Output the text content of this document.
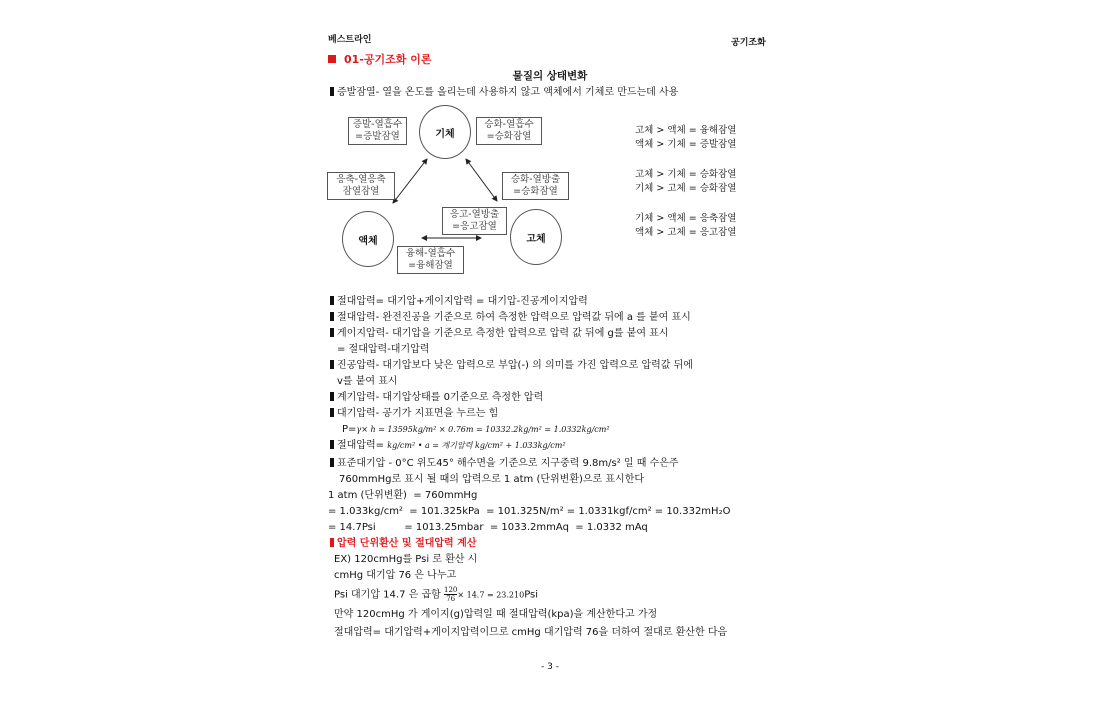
베스트라인	공기조화
01-공기조화 이론
물질의 상태변화
증발잠열- 열을 온도를 올리는데 사용하지 않고 액체에서 기체로 만드는데 사용
기체
액체	고체
증발-열흡수
=증발잠열
승화-열흡수
=승화잠열
응축-열응축
잠열잠열
승화-열방출
=승화잠열
응고-열방출
=응고잠열
융해-열흡수
=융해잠열
고체 > 액체 = 융해잠열
액체 > 기체 = 증발잠열
고체 > 기체 = 승화잠열
기체 > 고체 = 승화잠열
기체 > 액체 = 응축잠열
액체 > 고체 = 응고잠열
절대압력= 대기압+게이지압력 = 대기압-진공게이지압력
절대압력- 완전진공을 기준으로 하여 측정한 압력으로 압력값 뒤에 a 를 붙여 표시
게이지압력- 대기압을 기준으로 측정한 압력으로 압력 값 뒤에 g를 붙여 표시
= 절대압력-대기압력
진공압력- 대기압보다 낮은 압력으로 부압(-) 의 의미를 가진 압력으로 압력값 뒤에
v를 붙여 표시
계기압력- 대기압상태를 0기준으로 측정한 압력
대기압력- 공기가 지표면을 누르는 힘
P=γ× h = 13595kg/m² × 0.76m = 10332.2kg/m² = 1.0332kg/cm²
절대압력= kg/cm² • a = 계기압력 kg/cm² + 1.033kg/cm²
표준대기압 - 0°C 위도45° 해수면을 기준으로 지구중력 9.8m/s² 일 때 수은주
760mmHg로 표시 될 때의 압력으로 1 atm (단위변환)으로 표시한다
1 atm (단위변환)  = 760mmHg
= 1.033kg/cm²  = 101.325kPa  = 101.325N/m² = 1.0331kgf/cm² = 10.332mH₂O
= 14.7Psi         = 1013.25mbar  = 1033.2mmAq  = 1.0332 mAq
압력 단위환산 및 절대압력 계산
EX) 120cmHg를 Psi 로 환산 시
cmHg 대기압 76 은 나누고
Psi 대기압 14.7 은 곱함 $\frac{120}{76} \times 14.7 = 23.210Psi$
만약 120cmHg 가 게이지(g)압력일 때 절대압력(kpa)을 계산한다고 가정
절대압력= 대기압력+게이지압력이므로 cmHg 대기압력 76을 더하여 절대로 환산한 다음
- 3 -
